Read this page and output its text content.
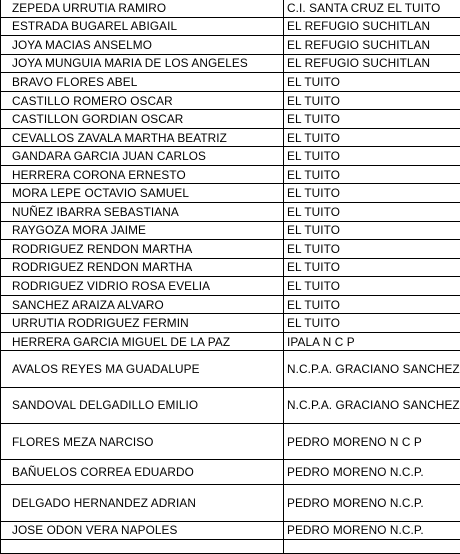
ZEPEDA URRUTIA RAMIRO	C.I. SANTA CRUZ EL TUITO
ESTRADA BUGAREL ABIGAIL	EL REFUGIO SUCHITLAN
JOYA MACIAS ANSELMO	EL REFUGIO SUCHITLAN
JOYA MUNGUIA MARIA DE LOS ANGELES	EL REFUGIO SUCHITLAN
BRAVO FLORES ABEL	EL TUITO
CASTILLO ROMERO OSCAR	EL TUITO
CASTILLON GORDIAN OSCAR	EL TUITO
CEVALLOS ZAVALA MARTHA BEATRIZ	EL TUITO
GANDARA GARCIA JUAN CARLOS	EL TUITO
HERRERA CORONA ERNESTO	EL TUITO
MORA LEPE OCTAVIO SAMUEL	EL TUITO
NUÑEZ IBARRA SEBASTIANA	EL TUITO
RAYGOZA MORA JAIME	EL TUITO
RODRIGUEZ RENDON MARTHA	EL TUITO
RODRIGUEZ RENDON MARTHA	EL TUITO
RODRIGUEZ VIDRIO ROSA EVELIA	EL TUITO
SANCHEZ ARAIZA ALVARO	EL TUITO
URRUTIA RODRIGUEZ FERMIN	EL TUITO
HERRERA GARCIA MIGUEL DE LA PAZ	IPALA N C P
AVALOS REYES MA GUADALUPE	N.C.P.A. GRACIANO SANCHEZ
SANDOVAL DELGADILLO EMILIO	N.C.P.A. GRACIANO SANCHEZ
FLORES MEZA NARCISO	PEDRO MORENO N C P
BAÑUELOS CORREA EDUARDO	PEDRO MORENO N.C.P.
DELGADO HERNANDEZ ADRIAN	PEDRO MORENO N.C.P.
JOSE ODON VERA NAPOLES	PEDRO MORENO N.C.P.
